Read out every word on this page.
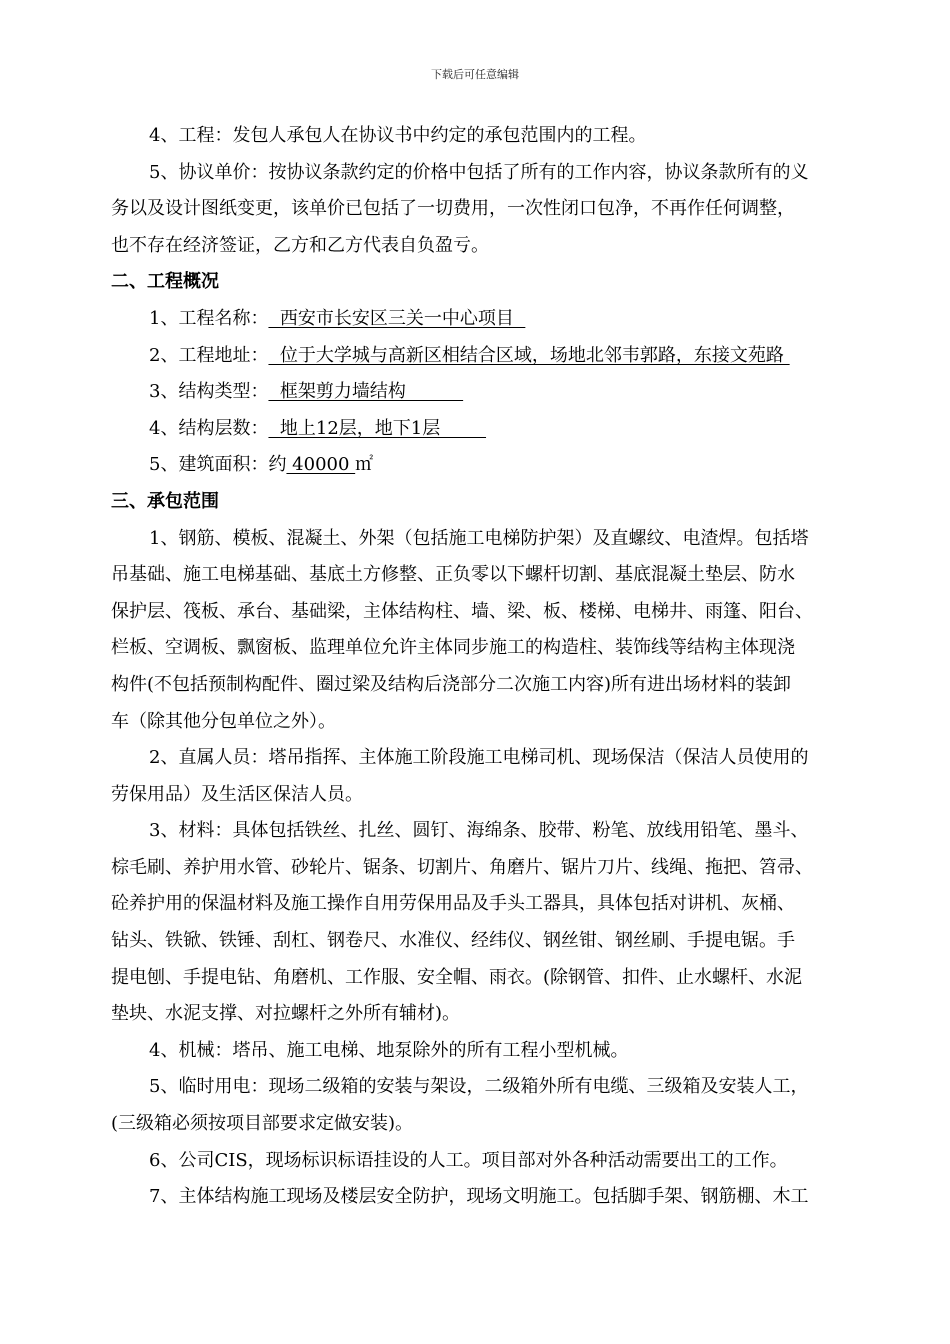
下载后可任意编辑
4、工程：发包人承包人在协议书中约定的承包范围内的工程。
5、协议单价：按协议条款约定的价格中包括了所有的工作内容，协议条款所有的义
务以及设计图纸变更，该单价已包括了一切费用，一次性闭口包净，不再作任何调整，
也不存在经济签证，乙方和乙方代表自负盈亏。
二、工程概况
1、工程名称：  西安市长安区三关一中心项目
2、工程地址：  位于大学城与高新区相结合区域，场地北邻韦郭路，东接文苑路
3、结构类型：  框架剪力墙结构
4、结构层数：  地上12层，地下1层
5、建筑面积：约 40000 ㎡
三、承包范围
1、钢筋、模板、混凝土、外架（包括施工电梯防护架）及直螺纹、电渣焊。包括塔
吊基础、施工电梯基础、基底土方修整、正负零以下螺杆切割、基底混凝土垫层、防水
保护层、筏板、承台、基础梁，主体结构柱、墙、梁、板、楼梯、电梯井、雨篷、阳台、
栏板、空调板、飘窗板、监理单位允许主体同步施工的构造柱、装饰线等结构主体现浇
构件(不包括预制构配件、圈过梁及结构后浇部分二次施工内容)所有进出场材料的装卸
车（除其他分包单位之外）。
2、直属人员：塔吊指挥、主体施工阶段施工电梯司机、现场保洁（保洁人员使用的
劳保用品）及生活区保洁人员。
3、材料：具体包括铁丝、扎丝、圆钉、海绵条、胶带、粉笔、放线用铅笔、墨斗、
棕毛刷、养护用水管、砂轮片、锯条、切割片、角磨片、锯片刀片、线绳、拖把、笤帚、
砼养护用的保温材料及施工操作自用劳保用品及手头工器具，具体包括对讲机、灰桶、
钻头、铁锨、铁锤、刮杠、钢卷尺、水准仪、经纬仪、钢丝钳、钢丝刷、手提电锯。手
提电刨、手提电钻、角磨机、工作服、安全帽、雨衣。(除钢管、扣件、止水螺杆、水泥
垫块、水泥支撑、对拉螺杆之外所有辅材)。
4、机械：塔吊、施工电梯、地泵除外的所有工程小型机械。
5、临时用电：现场二级箱的安装与架设，二级箱外所有电缆、三级箱及安装人工，
(三级箱必须按项目部要求定做安装)。
6、公司CIS，现场标识标语挂设的人工。项目部对外各种活动需要出工的工作。
7、主体结构施工现场及楼层安全防护，现场文明施工。包括脚手架、钢筋棚、木工
